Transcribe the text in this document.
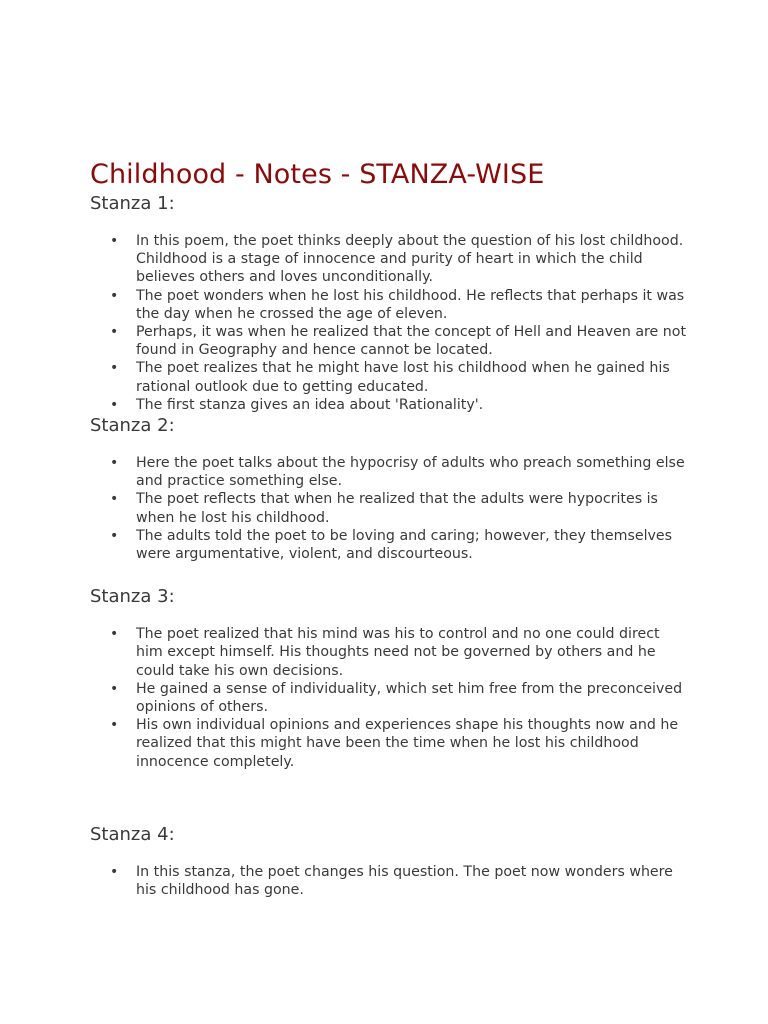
Childhood - Notes - STANZA-WISE
Stanza 1:
• In this poem, the poet thinks deeply about the question of his lost childhood. Childhood is a stage of innocence and purity of heart in which the child believes others and loves unconditionally.
• The poet wonders when he lost his childhood. He reflects that perhaps it was the day when he crossed the age of eleven.
• Perhaps, it was when he realized that the concept of Hell and Heaven are not found in Geography and hence cannot be located.
• The poet realizes that he might have lost his childhood when he gained his rational outlook due to getting educated.
• The first stanza gives an idea about 'Rationality'.
Stanza 2:
• Here the poet talks about the hypocrisy of adults who preach something else and practice something else.
• The poet reflects that when he realized that the adults were hypocrites is when he lost his childhood.
• The adults told the poet to be loving and caring; however, they themselves were argumentative, violent, and discourteous.
Stanza 3:
• The poet realized that his mind was his to control and no one could direct him except himself. His thoughts need not be governed by others and he could take his own decisions.
• He gained a sense of individuality, which set him free from the preconceived opinions of others.
• His own individual opinions and experiences shape his thoughts now and he realized that this might have been the time when he lost his childhood innocence completely.
Stanza 4:
• In this stanza, the poet changes his question. The poet now wonders where his childhood has gone.
